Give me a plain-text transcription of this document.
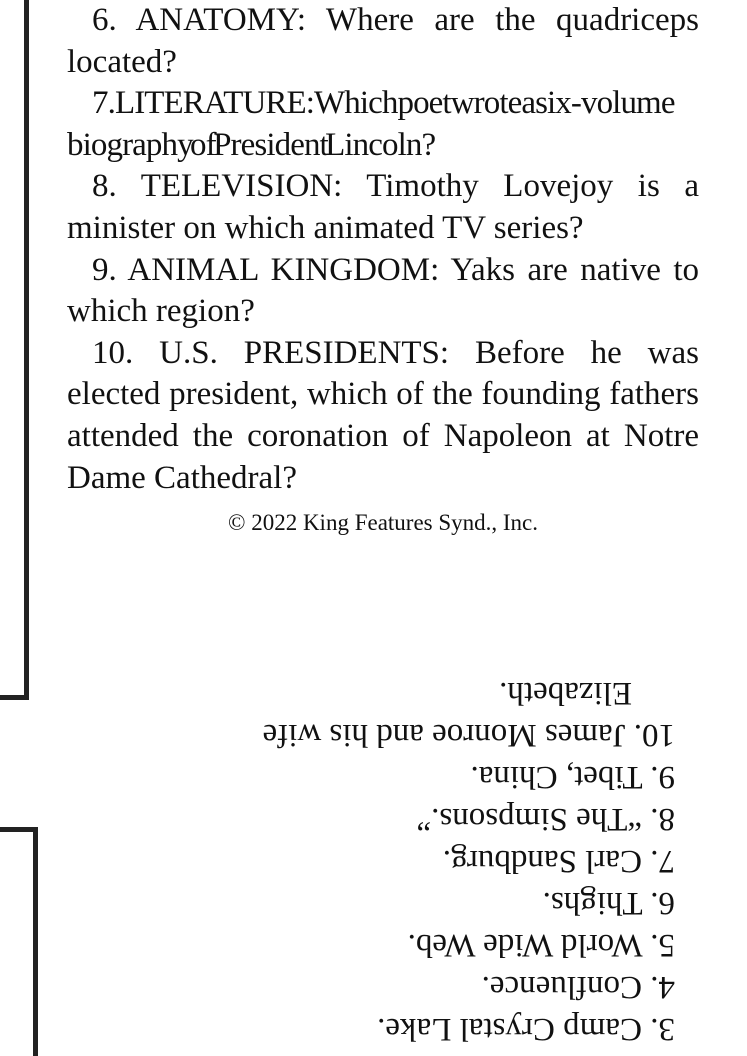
6. ANATOMY: Where are the quadriceps located?

7.LITERATURE:Whichpoetwroteasix-volume biography of President Lincoln?

8. TELEVISION: Timothy Lovejoy is a minister on which animated TV series?

9. ANIMAL KINGDOM: Yaks are native to which region?

10. U.S. PRESIDENTS: Before he was elected president, which of the founding fathers attended the coronation of Napoleon at Notre Dame Cathedral?

© 2022 King Features Synd., Inc.

3. Camp Crystal Lake.

4. Confluence.

5. World Wide Web.

6. Thighs.

7. Carl Sandburg.

8. “The Simpsons.”

9. Tibet, China.

10. James Monroe and his wife

Elizabeth.
